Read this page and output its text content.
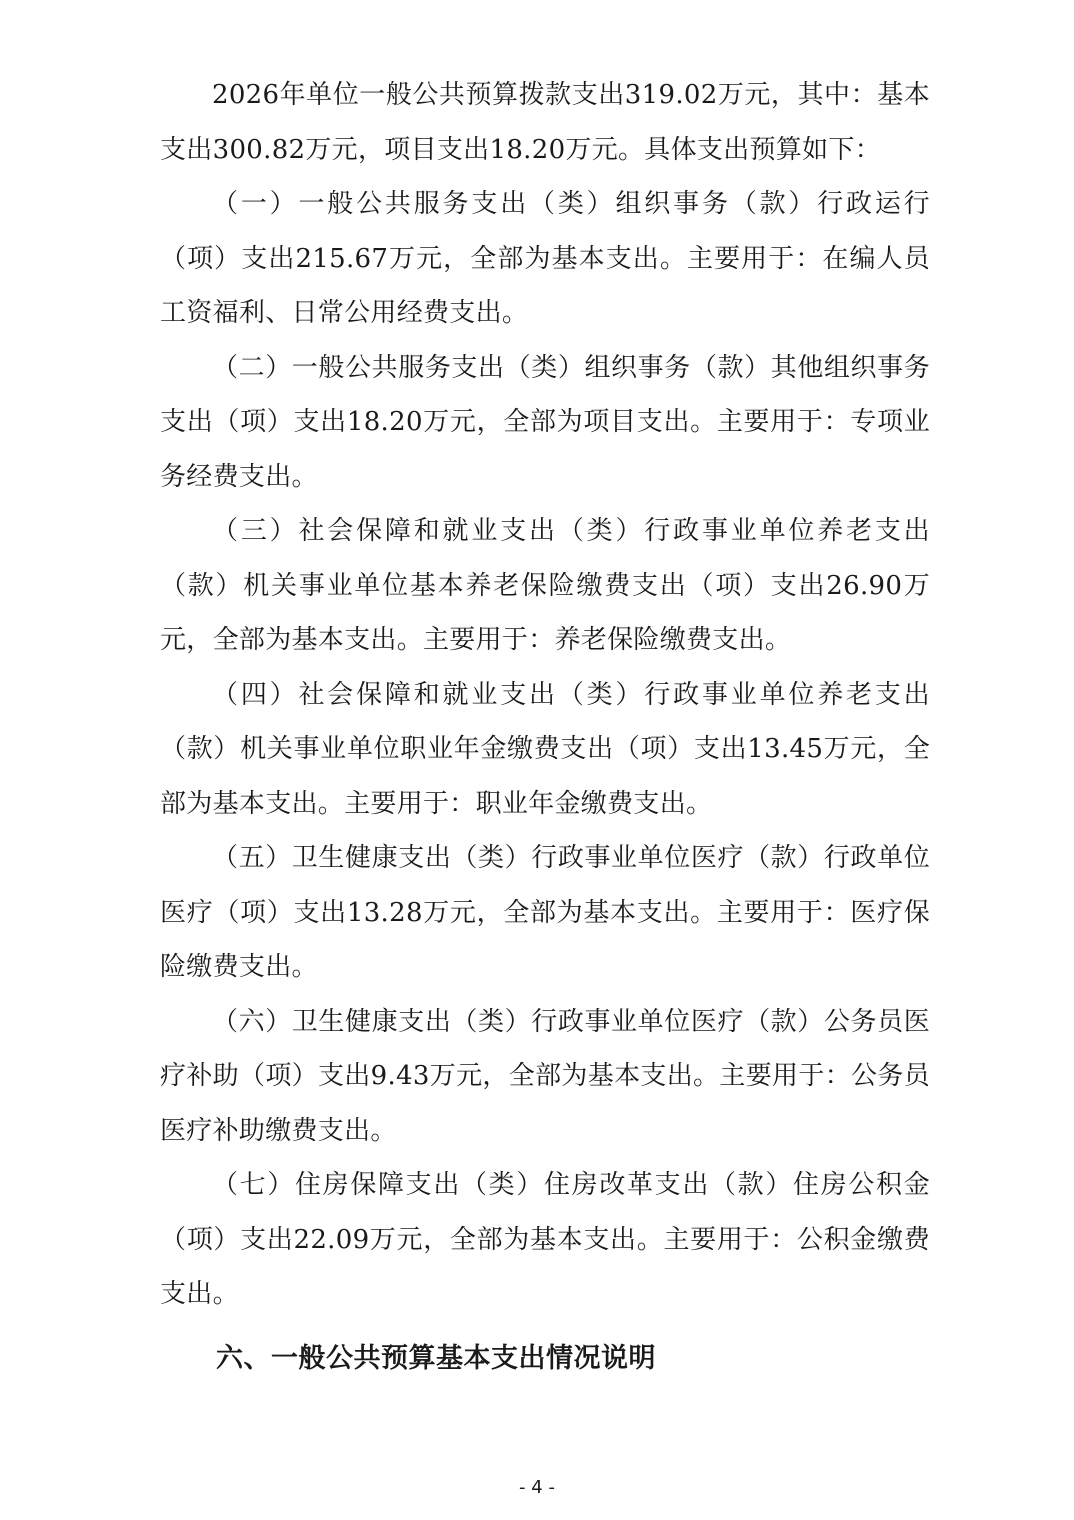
2026年单位一般公共预算拨款支出319.02万元，其中：基本支出300.82万元，项目支出18.20万元。具体支出预算如下：

（一）一般公共服务支出（类）组织事务（款）行政运行（项）支出215.67万元，全部为基本支出。主要用于：在编人员工资福利、日常公用经费支出。

（二）一般公共服务支出（类）组织事务（款）其他组织事务支出（项）支出18.20万元，全部为项目支出。主要用于：专项业务经费支出。

（三）社会保障和就业支出（类）行政事业单位养老支出（款）机关事业单位基本养老保险缴费支出（项）支出26.90万元，全部为基本支出。主要用于：养老保险缴费支出。

（四）社会保障和就业支出（类）行政事业单位养老支出（款）机关事业单位职业年金缴费支出（项）支出13.45万元，全部为基本支出。主要用于：职业年金缴费支出。

（五）卫生健康支出（类）行政事业单位医疗（款）行政单位医疗（项）支出13.28万元，全部为基本支出。主要用于：医疗保险缴费支出。

（六）卫生健康支出（类）行政事业单位医疗（款）公务员医疗补助（项）支出9.43万元，全部为基本支出。主要用于：公务员医疗补助缴费支出。

（七）住房保障支出（类）住房改革支出（款）住房公积金（项）支出22.09万元，全部为基本支出。主要用于：公积金缴费支出。

六、一般公共预算基本支出情况说明
- 4 -
